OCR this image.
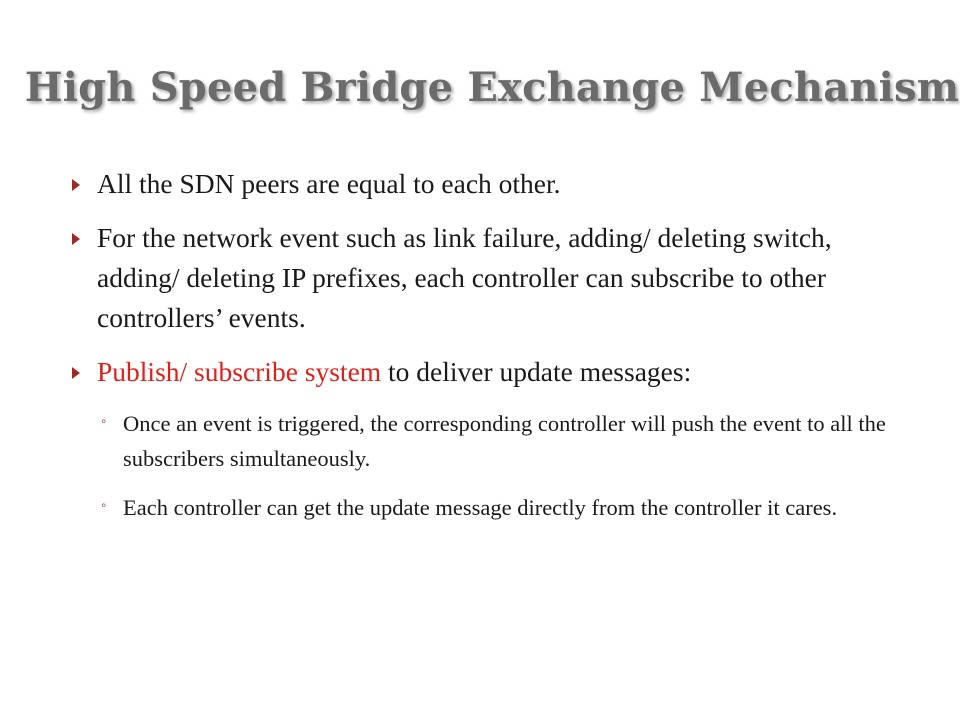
High Speed Bridge Exchange Mechanism
All the SDN peers are equal to each other.
For the network event such as link failure, adding/ deleting switch, adding/ deleting IP prefixes, each controller can subscribe to other controllers’ events.
Publish/ subscribe system to deliver update messages:
◦ Once an event is triggered, the corresponding controller will push the event to all the subscribers simultaneously.
◦ Each controller can get the update message directly from the controller it cares.
